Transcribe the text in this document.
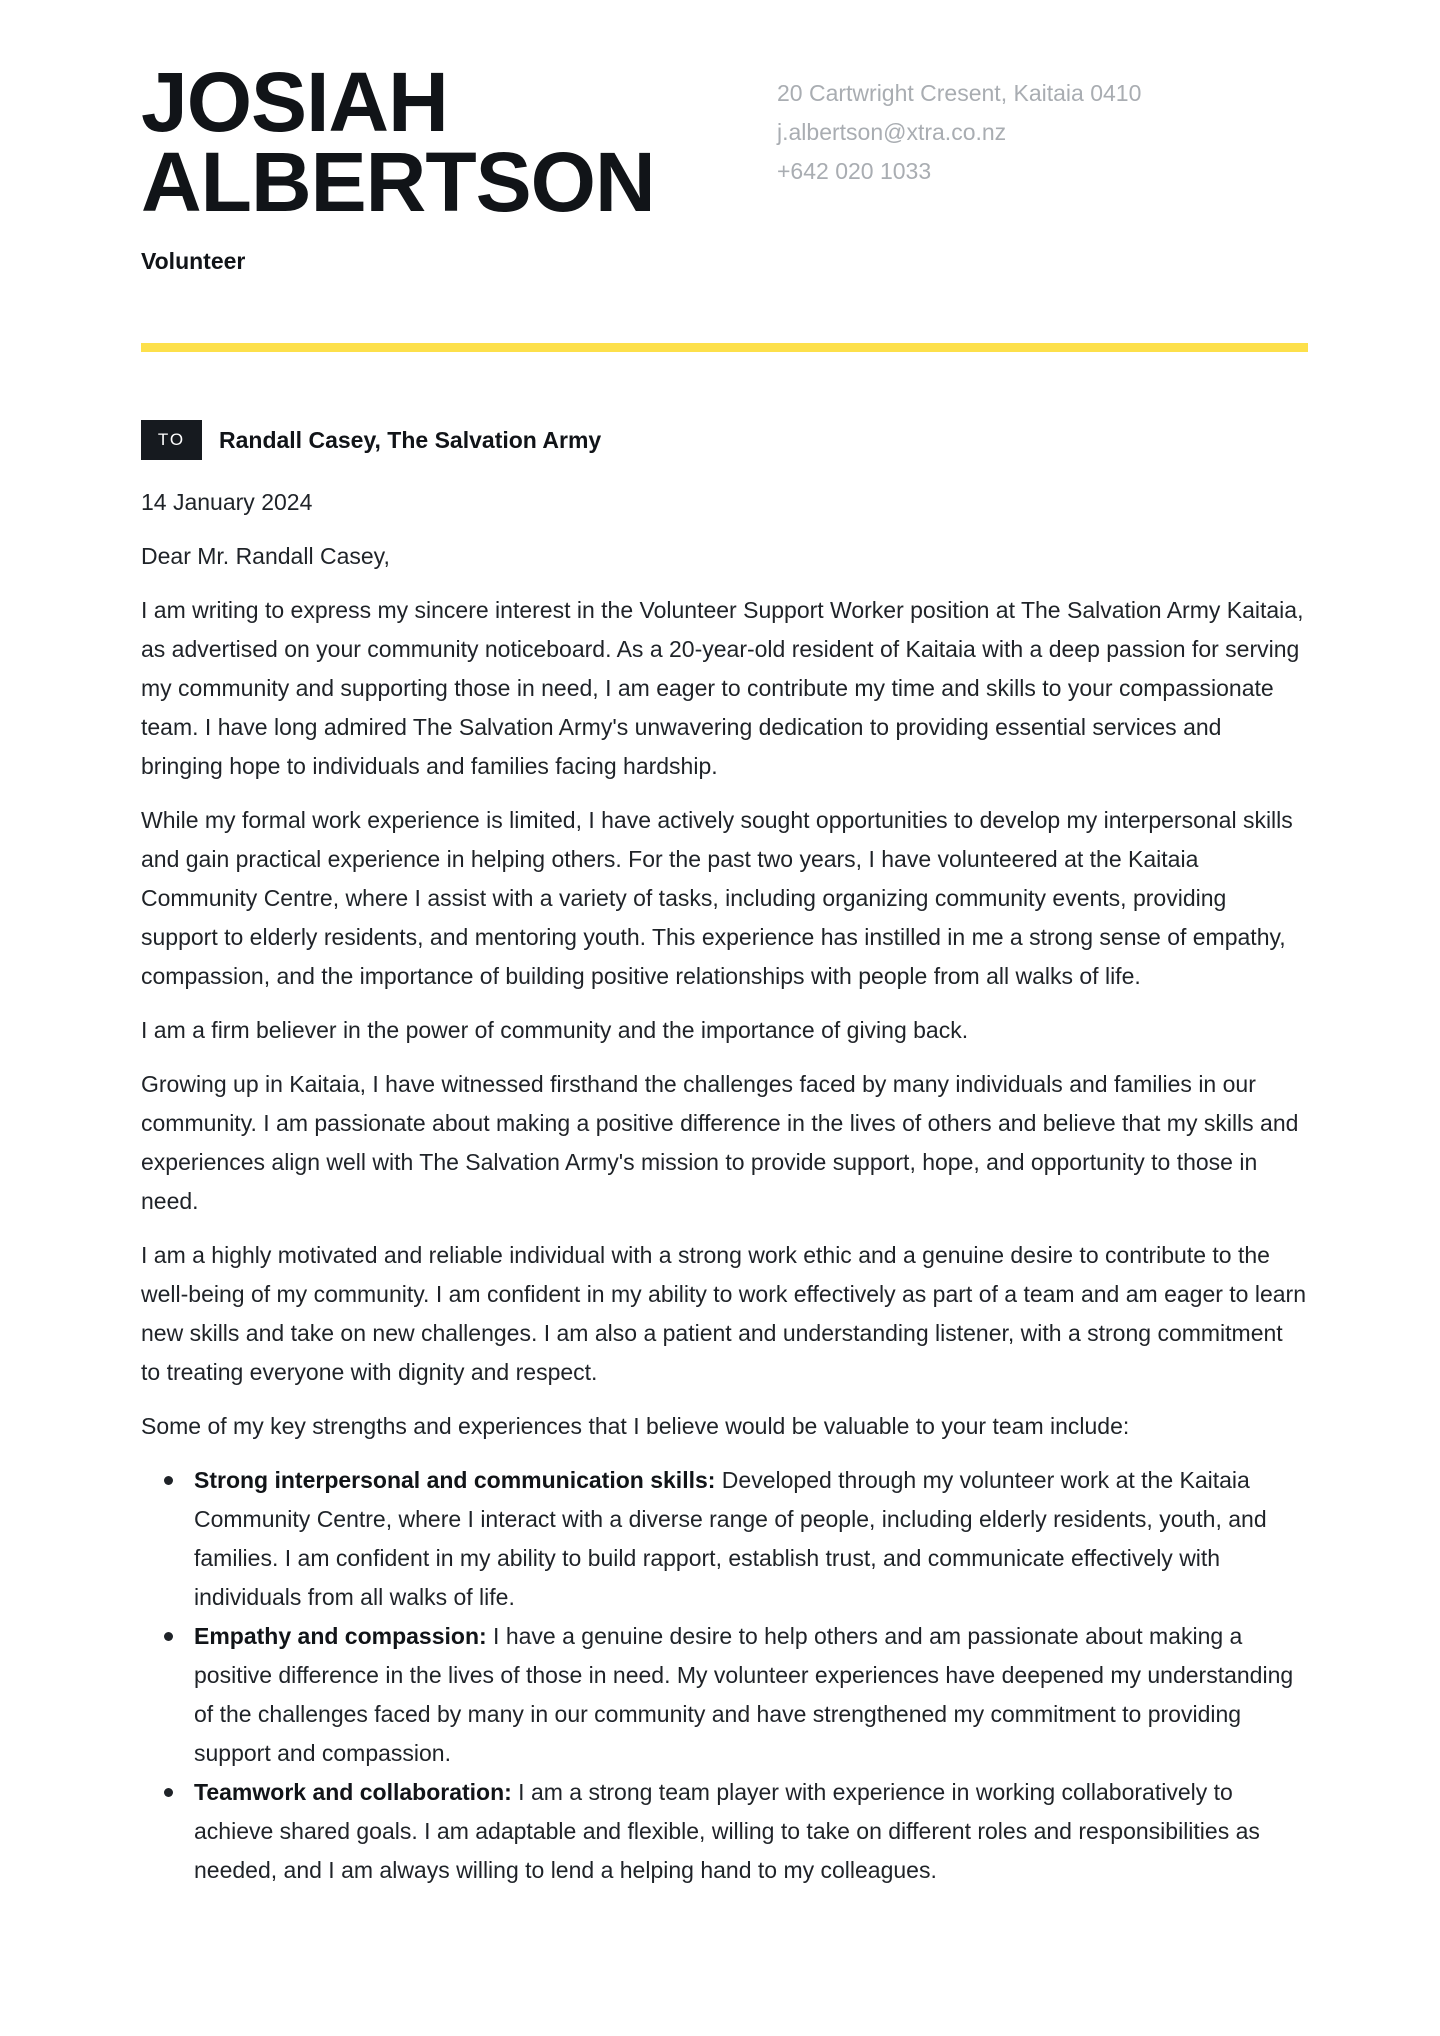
JOSIAH
ALBERTSON
Volunteer
20 Cartwright Cresent, Kaitaia 0410
j.albertson@xtra.co.nz
+642 020 1033
TO	Randall Casey, The Salvation Army

14 January 2024

Dear Mr. Randall Casey,

I am writing to express my sincere interest in the Volunteer Support Worker position at The Salvation Army Kaitaia, as advertised on your community noticeboard. As a 20-year-old resident of Kaitaia with a deep passion for serving my community and supporting those in need, I am eager to contribute my time and skills to your compassionate team. I have long admired The Salvation Army's unwavering dedication to providing essential services and bringing hope to individuals and families facing hardship.

While my formal work experience is limited, I have actively sought opportunities to develop my interpersonal skills and gain practical experience in helping others. For the past two years, I have volunteered at the Kaitaia Community Centre, where I assist with a variety of tasks, including organizing community events, providing support to elderly residents, and mentoring youth. This experience has instilled in me a strong sense of empathy, compassion, and the importance of building positive relationships with people from all walks of life.

I am a firm believer in the power of community and the importance of giving back.

Growing up in Kaitaia, I have witnessed firsthand the challenges faced by many individuals and families in our community. I am passionate about making a positive difference in the lives of others and believe that my skills and experiences align well with The Salvation Army's mission to provide support, hope, and opportunity to those in need.

I am a highly motivated and reliable individual with a strong work ethic and a genuine desire to contribute to the well-being of my community. I am confident in my ability to work effectively as part of a team and am eager to learn new skills and take on new challenges. I am also a patient and understanding listener, with a strong commitment to treating everyone with dignity and respect.

Some of my key strengths and experiences that I believe would be valuable to your team include:

Strong interpersonal and communication skills: Developed through my volunteer work at the Kaitaia Community Centre, where I interact with a diverse range of people, including elderly residents, youth, and families. I am confident in my ability to build rapport, establish trust, and communicate effectively with individuals from all walks of life.
Empathy and compassion: I have a genuine desire to help others and am passionate about making a positive difference in the lives of those in need. My volunteer experiences have deepened my understanding of the challenges faced by many in our community and have strengthened my commitment to providing support and compassion.
Teamwork and collaboration: I am a strong team player with experience in working collaboratively to achieve shared goals. I am adaptable and flexible, willing to take on different roles and responsibilities as needed, and I am always willing to lend a helping hand to my colleagues.
